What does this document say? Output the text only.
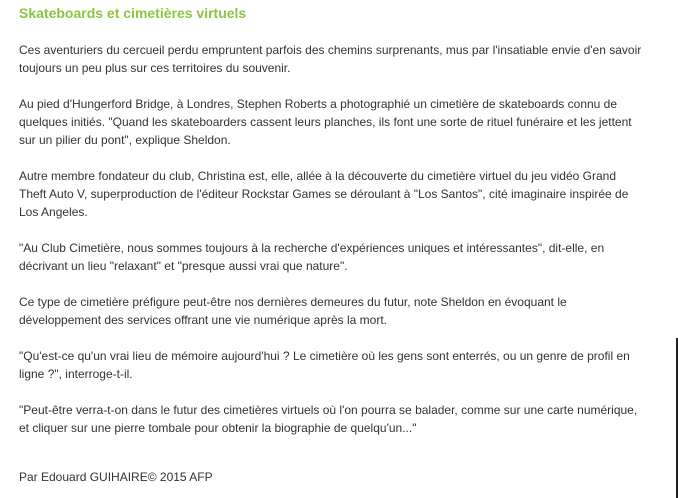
Skateboards et cimetières virtuels

Ces aventuriers du cercueil perdu empruntent parfois des chemins surprenants, mus par l'insatiable envie d'en savoir toujours un peu plus sur ces territoires du souvenir.

Au pied d'Hungerford Bridge, à Londres, Stephen Roberts a photographié un cimetière de skateboards connu de quelques initiés. "Quand les skateboarders cassent leurs planches, ils font une sorte de rituel funéraire et les jettent sur un pilier du pont", explique Sheldon.

Autre membre fondateur du club, Christina est, elle, allée à la découverte du cimetière virtuel du jeu vidéo Grand Theft Auto V, superproduction de l'éditeur Rockstar Games se déroulant à "Los Santos", cité imaginaire inspirée de Los Angeles.

"Au Club Cimetière, nous sommes toujours à la recherche d'expériences uniques et intéressantes", dit-elle, en décrivant un lieu "relaxant" et "presque aussi vrai que nature".

Ce type de cimetière préfigure peut-être nos dernières demeures du futur, note Sheldon en évoquant le développement des services offrant une vie numérique après la mort.

"Qu'est-ce qu'un vrai lieu de mémoire aujourd'hui ? Le cimetière où les gens sont enterrés, ou un genre de profil en ligne ?", interroge-t-il.

"Peut-être verra-t-on dans le futur des cimetières virtuels où l'on pourra se balader, comme sur une carte numérique, et cliquer sur une pierre tombale pour obtenir la biographie de quelqu'un..."

Par Edouard GUIHAIRE© 2015 AFP
